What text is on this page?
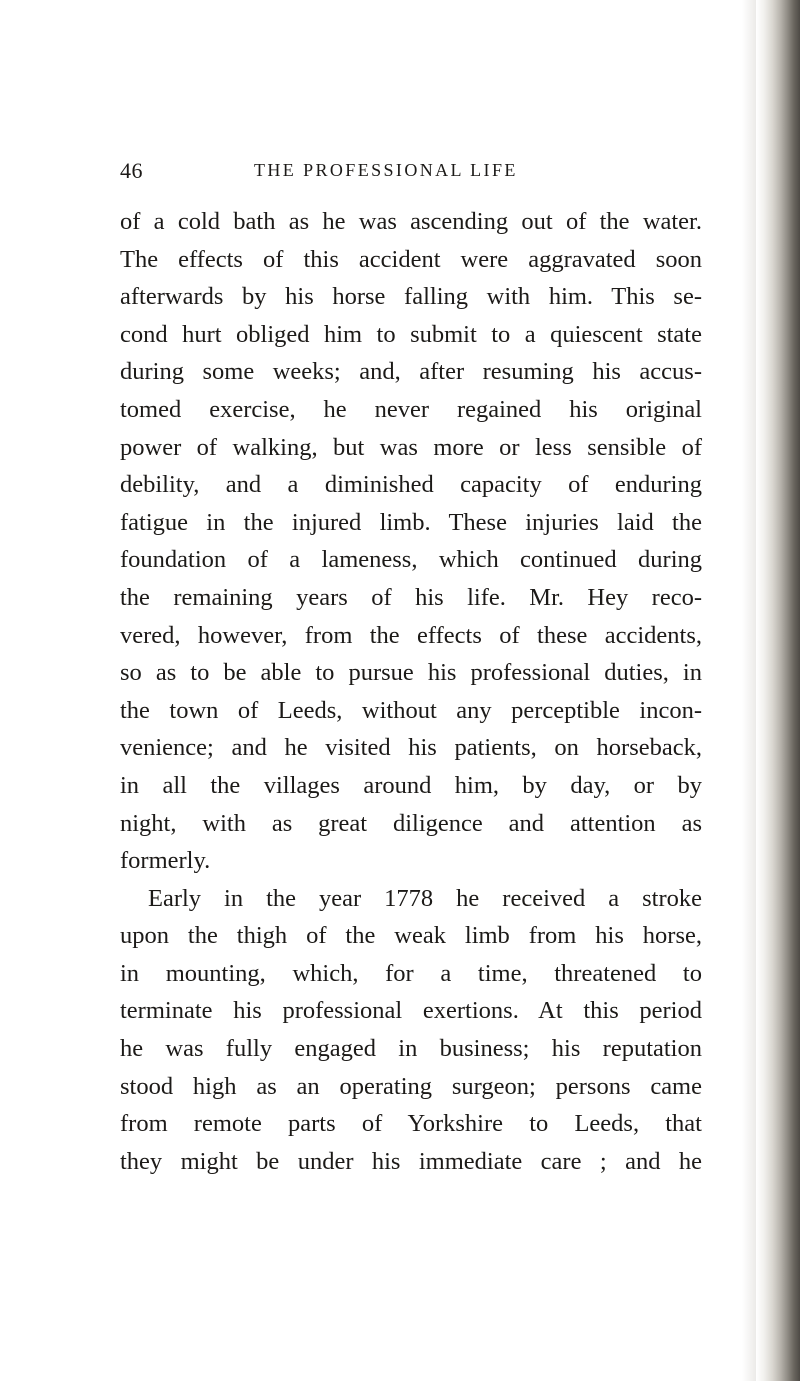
46	THE PROFESSIONAL LIFE
of a cold bath as he was ascending out of the water.
The effects of this accident were aggravated soon
afterwards by his horse falling with him. This se-
cond hurt obliged him to submit to a quiescent state
during some weeks; and, after resuming his accus-
tomed exercise, he never regained his original
power of walking, but was more or less sensible of
debility, and a diminished capacity of enduring
fatigue in the injured limb. These injuries laid the
foundation of a lameness, which continued during
the remaining years of his life. Mr. Hey reco-
vered, however, from the effects of these accidents,
so as to be able to pursue his professional duties, in
the town of Leeds, without any perceptible incon-
venience; and he visited his patients, on horseback,
in all the villages around him, by day, or by
night, with as great diligence and attention as
formerly.
Early in the year 1778 he received a stroke
upon the thigh of the weak limb from his horse,
in mounting, which, for a time, threatened to
terminate his professional exertions. At this period
he was fully engaged in business; his reputation
stood high as an operating surgeon; persons came
from remote parts of Yorkshire to Leeds, that
they might be under his immediate care ; and he
